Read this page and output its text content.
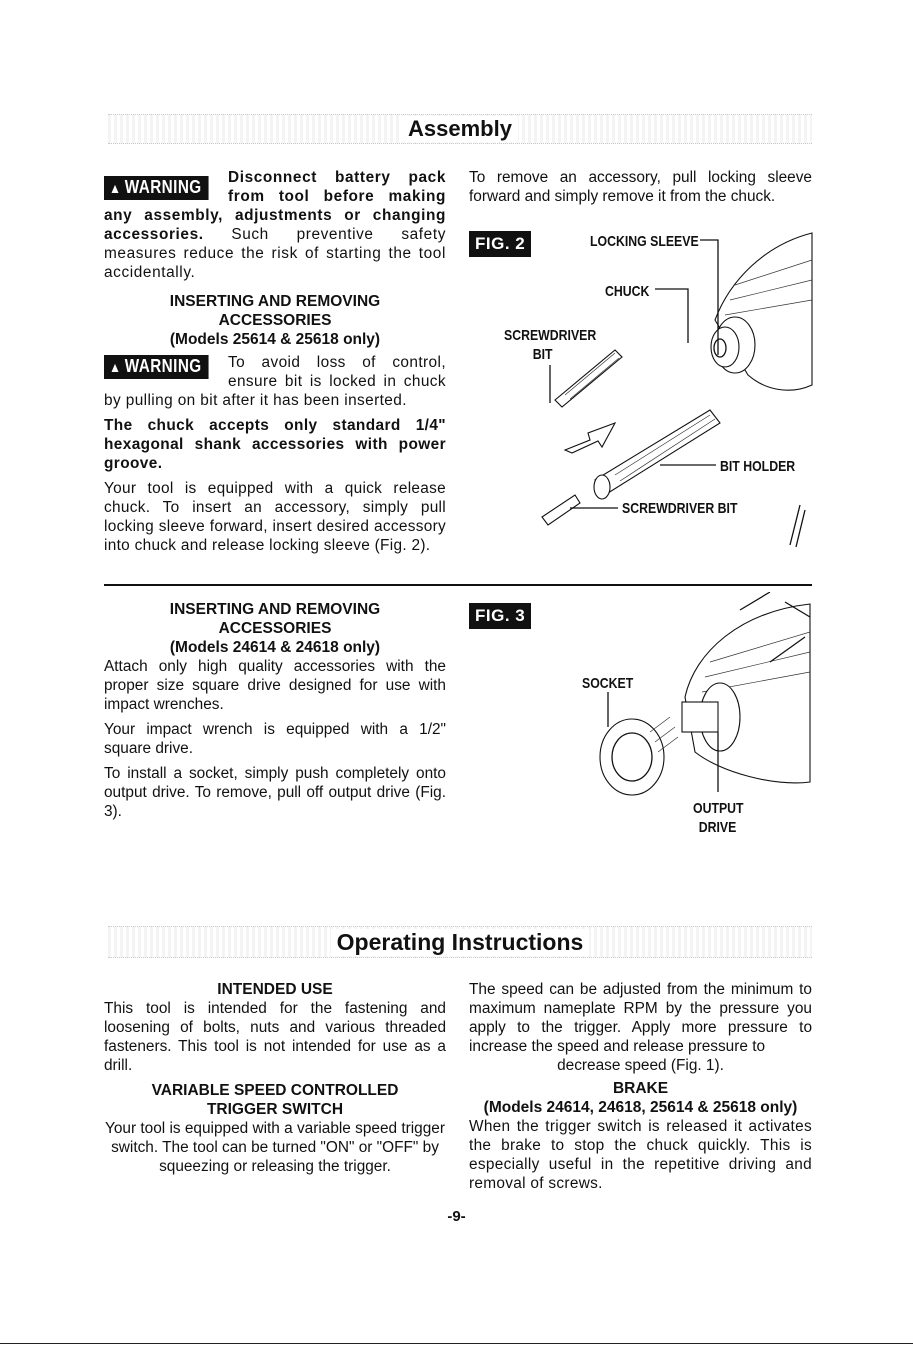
Assembly
▲ WARNING	Disconnect battery pack from tool before making any assembly, adjustments or changing accessories. Such preventive safety measures reduce the risk of starting the tool accidentally.

INSERTING AND REMOVING
ACCESSORIES
(Models 25614 & 25618 only)
▲ WARNING	To avoid loss of control, ensure bit is locked in chuck by pulling on bit after it has been inserted.

The chuck accepts only standard 1/4" hexagonal shank accessories with power groove.

Your tool is equipped with a quick release chuck. To insert an accessory, simply pull locking sleeve forward, insert desired accessory into chuck and release locking sleeve (Fig. 2).

To remove an accessory, pull locking sleeve forward and simply remove it from the chuck.

FIG. 2	LOCKING SLEEVE
CHUCK
SCREWDRIVER
BIT
BIT HOLDER
SCREWDRIVER BIT
INSERTING AND REMOVING
ACCESSORIES
(Models 24614 & 24618 only)

Attach only high quality accessories with the proper size square drive designed for use with impact wrenches.

Your impact wrench is equipped with a 1/2" square drive.

To install a socket, simply push completely onto output drive. To remove, pull off output drive (Fig. 3).

FIG. 3
SOCKET
OUTPUT
DRIVE
Operating Instructions
INTENDED USE

This tool is intended for the fastening and loosening of bolts, nuts and various threaded fasteners. This tool is not intended for use as a drill.

VARIABLE SPEED CONTROLLED
TRIGGER SWITCH

Your tool is equipped with a variable speed trigger switch. The tool can be turned "ON" or "OFF" by squeezing or releasing the trigger.

The speed can be adjusted from the minimum to maximum nameplate RPM by the pressure you apply to the trigger. Apply more pressure to increase the speed and release pressure to

decrease speed (Fig. 1).

BRAKE
(Models 24614, 24618, 25614 & 25618 only)

When the trigger switch is released it activates the brake to stop the chuck quickly. This is especially useful in the repetitive driving and removal of screws.

-9-
